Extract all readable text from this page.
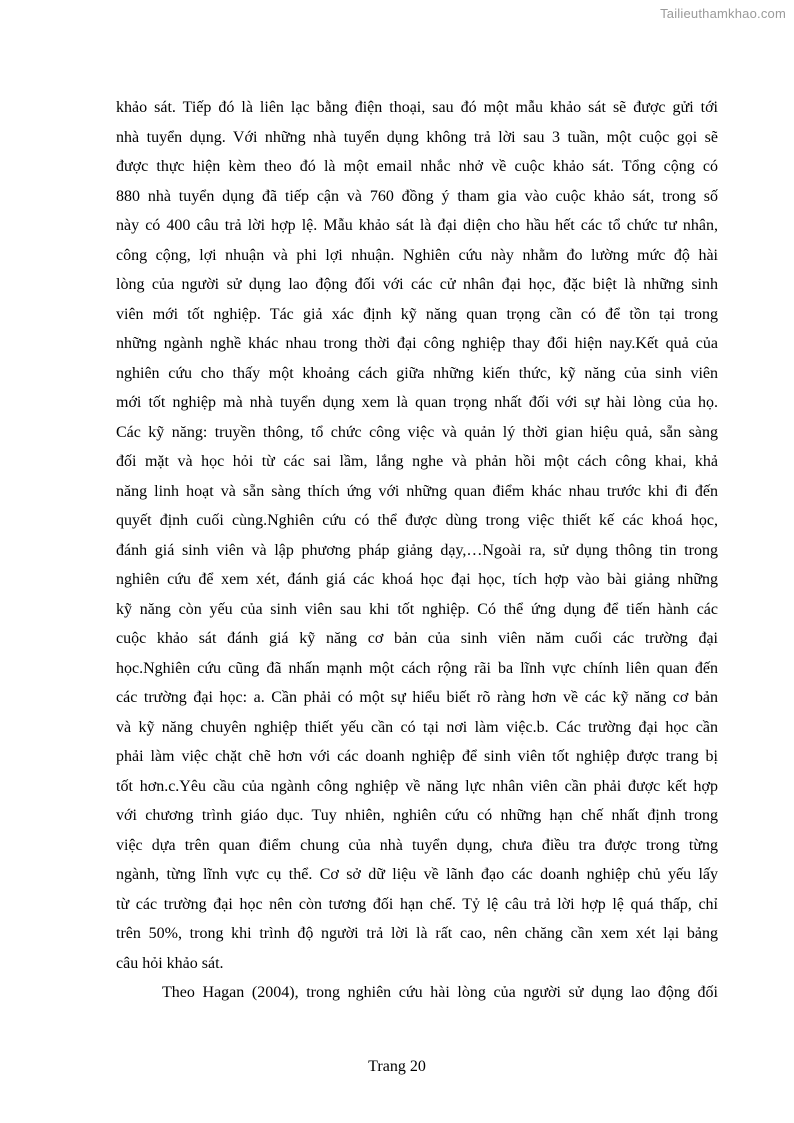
Tailieuthamkhao.com
khảo sát. Tiếp đó là liên lạc bằng điện thoại, sau đó một mẫu khảo sát sẽ được gửi tới
nhà tuyển dụng. Với những nhà tuyển dụng không trả lời sau 3 tuần, một cuộc gọi sẽ
được thực hiện kèm theo đó là một email nhắc nhở về cuộc khảo sát. Tổng cộng có
880 nhà tuyển dụng đã tiếp cận và 760 đồng ý tham gia vào cuộc khảo sát, trong số
này có 400 câu trả lời hợp lệ. Mẫu khảo sát là đại diện cho hầu hết các tổ chức tư nhân,
công cộng, lợi nhuận và phi lợi nhuận. Nghiên cứu này nhằm đo lường mức độ hài
lòng của người sử dụng lao động đối với các cử nhân đại học, đặc biệt là những sinh
viên mới tốt nghiệp. Tác giả xác định kỹ năng quan trọng cần có để tồn tại trong
những ngành nghề khác nhau trong thời đại công nghiệp thay đổi hiện nay.Kết quả của
nghiên cứu cho thấy một khoảng cách giữa những kiến thức, kỹ năng của sinh viên
mới tốt nghiệp mà nhà tuyển dụng xem là quan trọng nhất đối với sự hài lòng của họ.
Các kỹ năng: truyền thông, tổ chức công việc và quản lý thời gian hiệu quả, sẵn sàng
đối mặt và học hỏi từ các sai lầm, lắng nghe và phản hồi một cách công khai, khả
năng linh hoạt và sẵn sàng thích ứng với những quan điểm khác nhau trước khi đi đến
quyết định cuối cùng.Nghiên cứu có thể được dùng trong việc thiết kế các khoá học,
đánh giá sinh viên và lập phương pháp giảng dạy,…Ngoài ra, sử dụng thông tin trong
nghiên cứu để xem xét, đánh giá các khoá học đại học, tích hợp vào bài giảng những
kỹ năng còn yếu của sinh viên sau khi tốt nghiệp. Có thể ứng dụng để tiến hành các
cuộc khảo sát đánh giá kỹ năng cơ bản của sinh viên năm cuối các trường đại
học.Nghiên cứu cũng đã nhấn mạnh một cách rộng rãi ba lĩnh vực chính liên quan đến
các trường đại học: a. Cần phải có một sự hiểu biết rõ ràng hơn về các kỹ năng cơ bản
và kỹ năng chuyên nghiệp thiết yếu cần có tại nơi làm việc.b. Các trường đại học cần
phải làm việc chặt chẽ hơn với các doanh nghiệp để sinh viên tốt nghiệp được trang bị
tốt hơn.c.Yêu cầu của ngành công nghiệp về năng lực nhân viên cần phải được kết hợp
với chương trình giáo dục. Tuy nhiên, nghiên cứu có những hạn chế nhất định trong
việc dựa trên quan điểm chung của nhà tuyển dụng, chưa điều tra được trong từng
ngành, từng lĩnh vực cụ thể. Cơ sở dữ liệu về lãnh đạo các doanh nghiệp chủ yếu lấy
từ các trường đại học nên còn tương đối hạn chế. Tỷ lệ câu trả lời hợp lệ quá thấp, chỉ
trên 50%, trong khi trình độ người trả lời là rất cao, nên chăng cần xem xét lại bảng
câu hỏi khảo sát.
Theo Hagan (2004), trong nghiên cứu hài lòng của người sử dụng lao động đối
Trang 20
